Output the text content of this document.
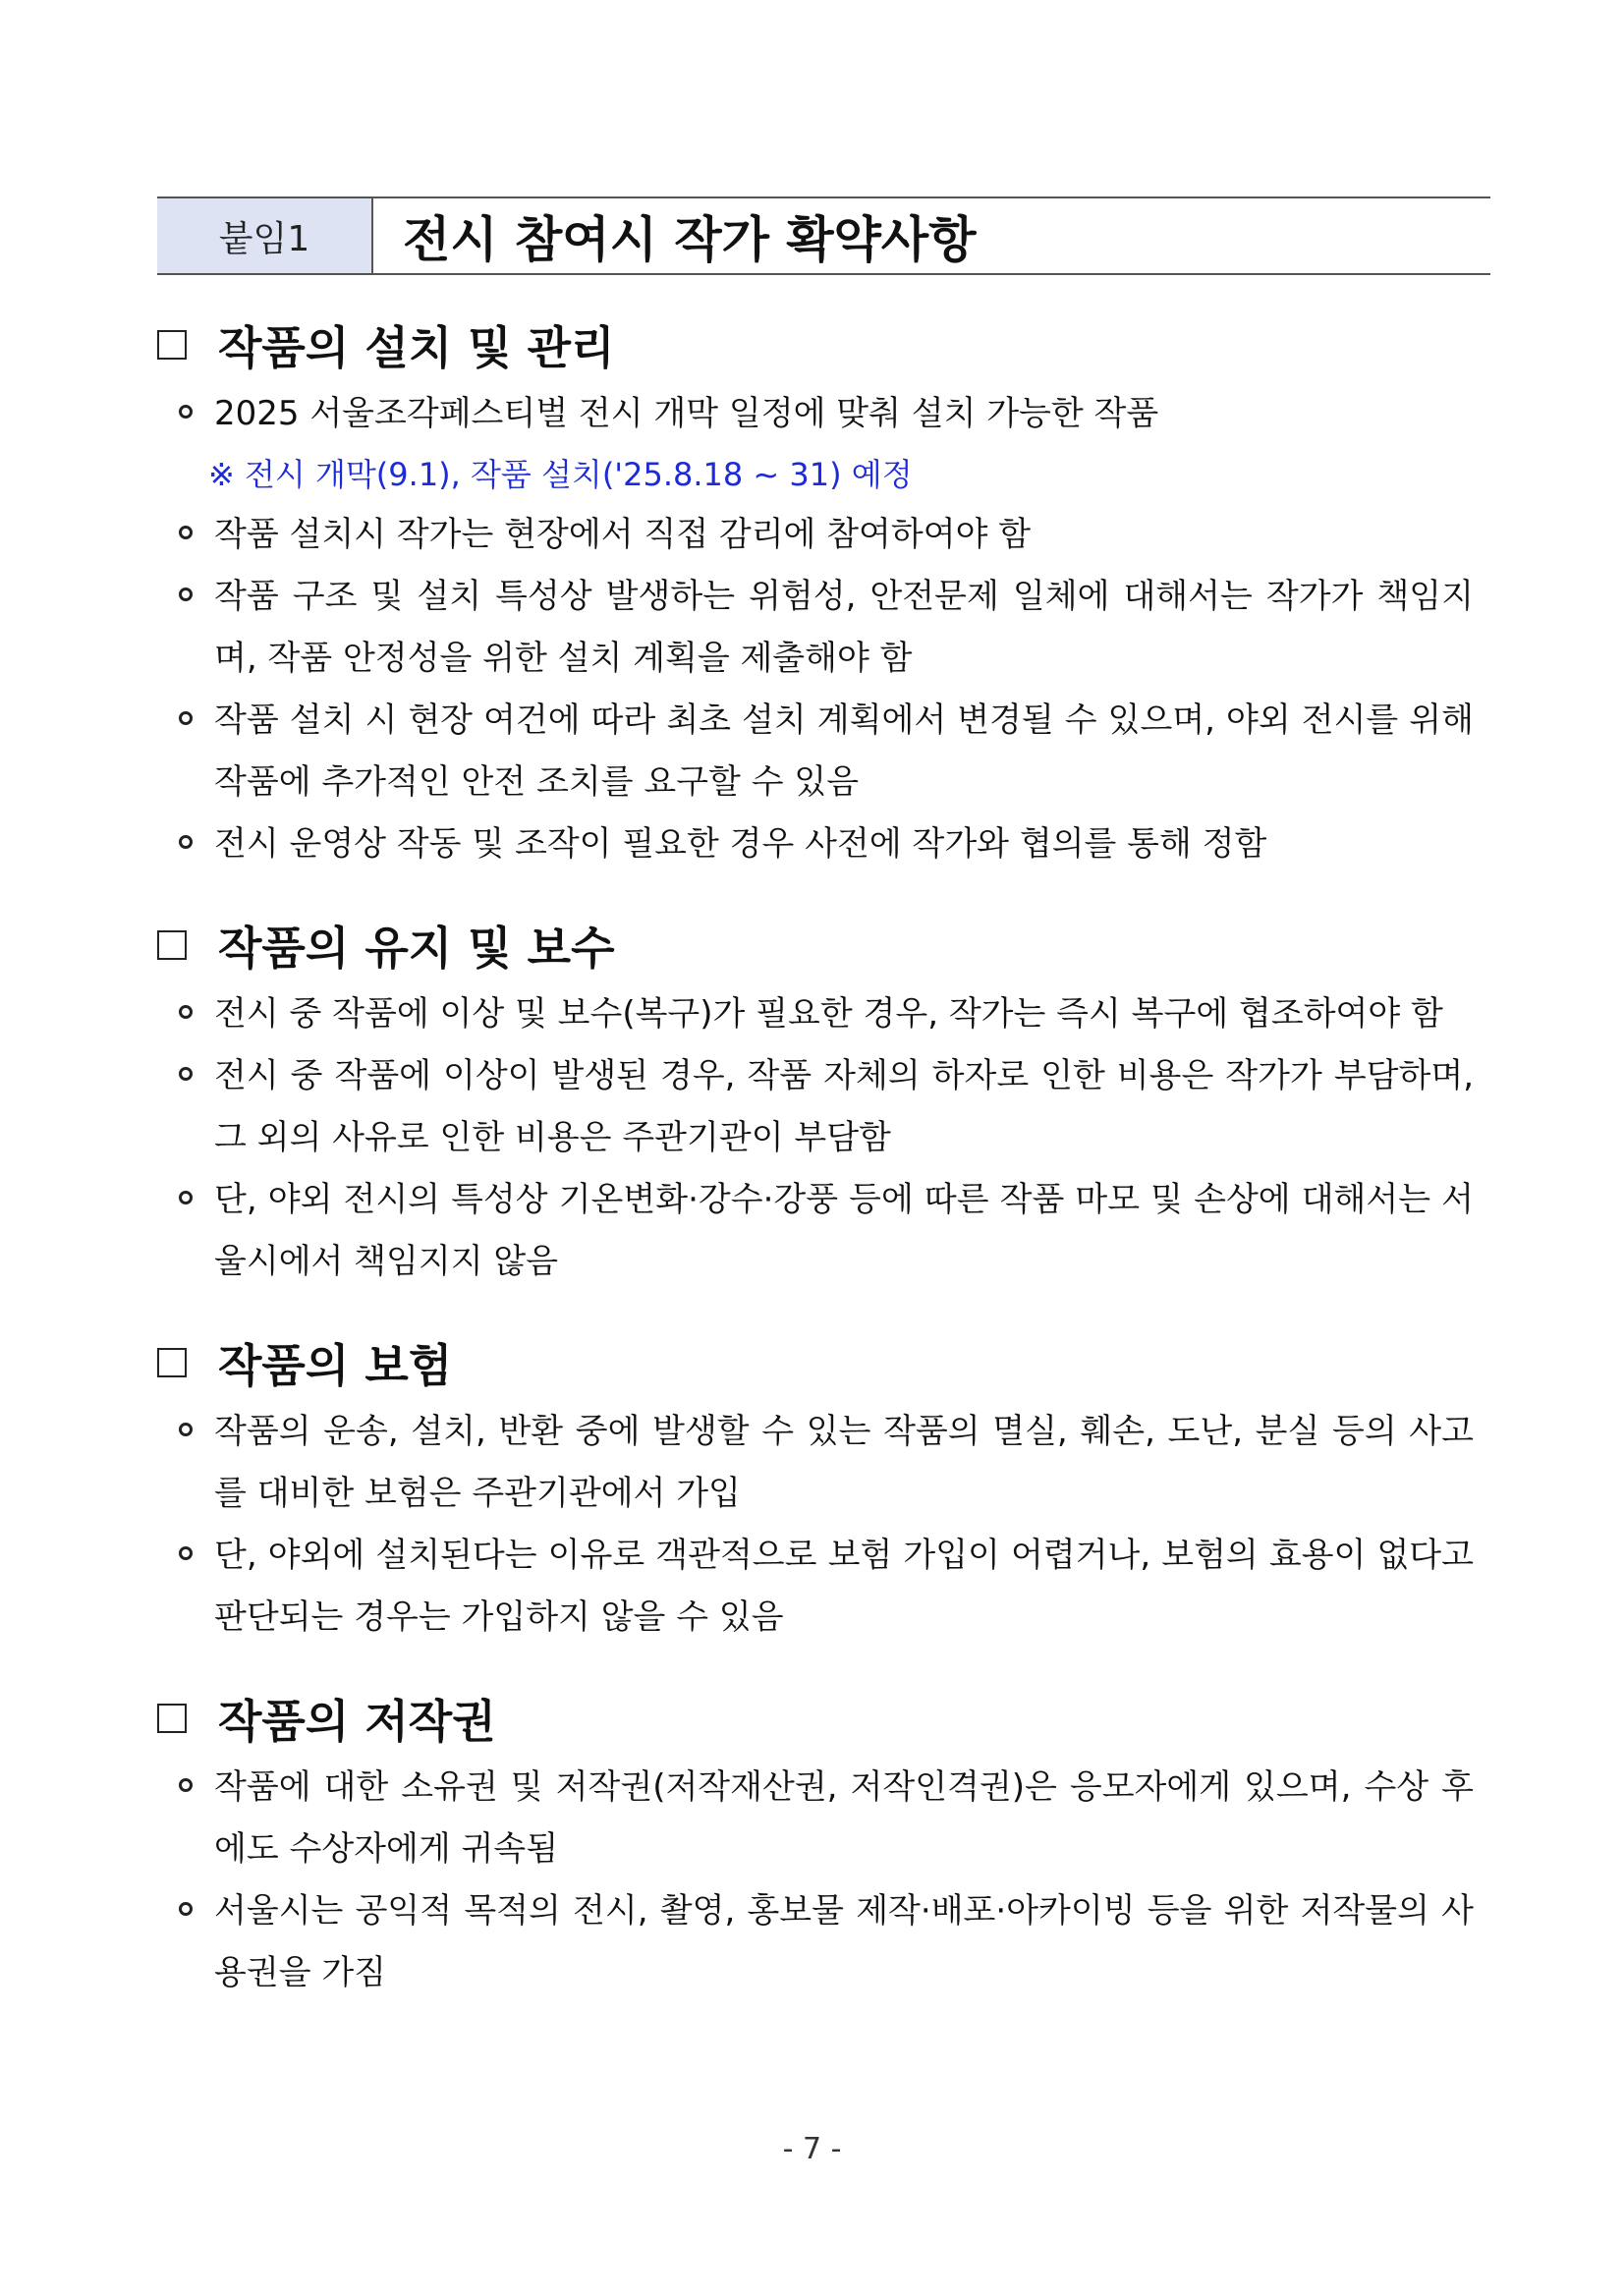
붙임1	전시 참여시 작가 확약사항
작품의 설치 및 관리
2025 서울조각페스티벌 전시 개막 일정에 맞춰 설치 가능한 작품
※ 전시 개막(9.1), 작품 설치('25.8.18 ~ 31) 예정
작품 설치시 작가는 현장에서 직접 감리에 참여하여야 함
작품 구조 및 설치 특성상 발생하는 위험성, 안전문제 일체에 대해서는 작가가 책임지며, 작품 안정성을 위한 설치 계획을 제출해야 함
작품 설치 시 현장 여건에 따라 최초 설치 계획에서 변경될 수 있으며, 야외 전시를 위해 작품에 추가적인 안전 조치를 요구할 수 있음
전시 운영상 작동 및 조작이 필요한 경우 사전에 작가와 협의를 통해 정함
작품의 유지 및 보수
전시 중 작품에 이상 및 보수(복구)가 필요한 경우, 작가는 즉시 복구에 협조하여야 함
전시 중 작품에 이상이 발생된 경우, 작품 자체의 하자로 인한 비용은 작가가 부담하며, 그 외의 사유로 인한 비용은 주관기관이 부담함
단, 야외 전시의 특성상 기온변화·강수·강풍 등에 따른 작품 마모 및 손상에 대해서는 서울시에서 책임지지 않음
작품의 보험
작품의 운송, 설치, 반환 중에 발생할 수 있는 작품의 멸실, 훼손, 도난, 분실 등의 사고를 대비한 보험은 주관기관에서 가입
단, 야외에 설치된다는 이유로 객관적으로 보험 가입이 어렵거나, 보험의 효용이 없다고 판단되는 경우는 가입하지 않을 수 있음
작품의 저작권
작품에 대한 소유권 및 저작권(저작재산권, 저작인격권)은 응모자에게 있으며, 수상 후에도 수상자에게 귀속됨
서울시는 공익적 목적의 전시, 촬영, 홍보물 제작·배포·아카이빙 등을 위한 저작물의 사용권을 가짐
- 7 -
